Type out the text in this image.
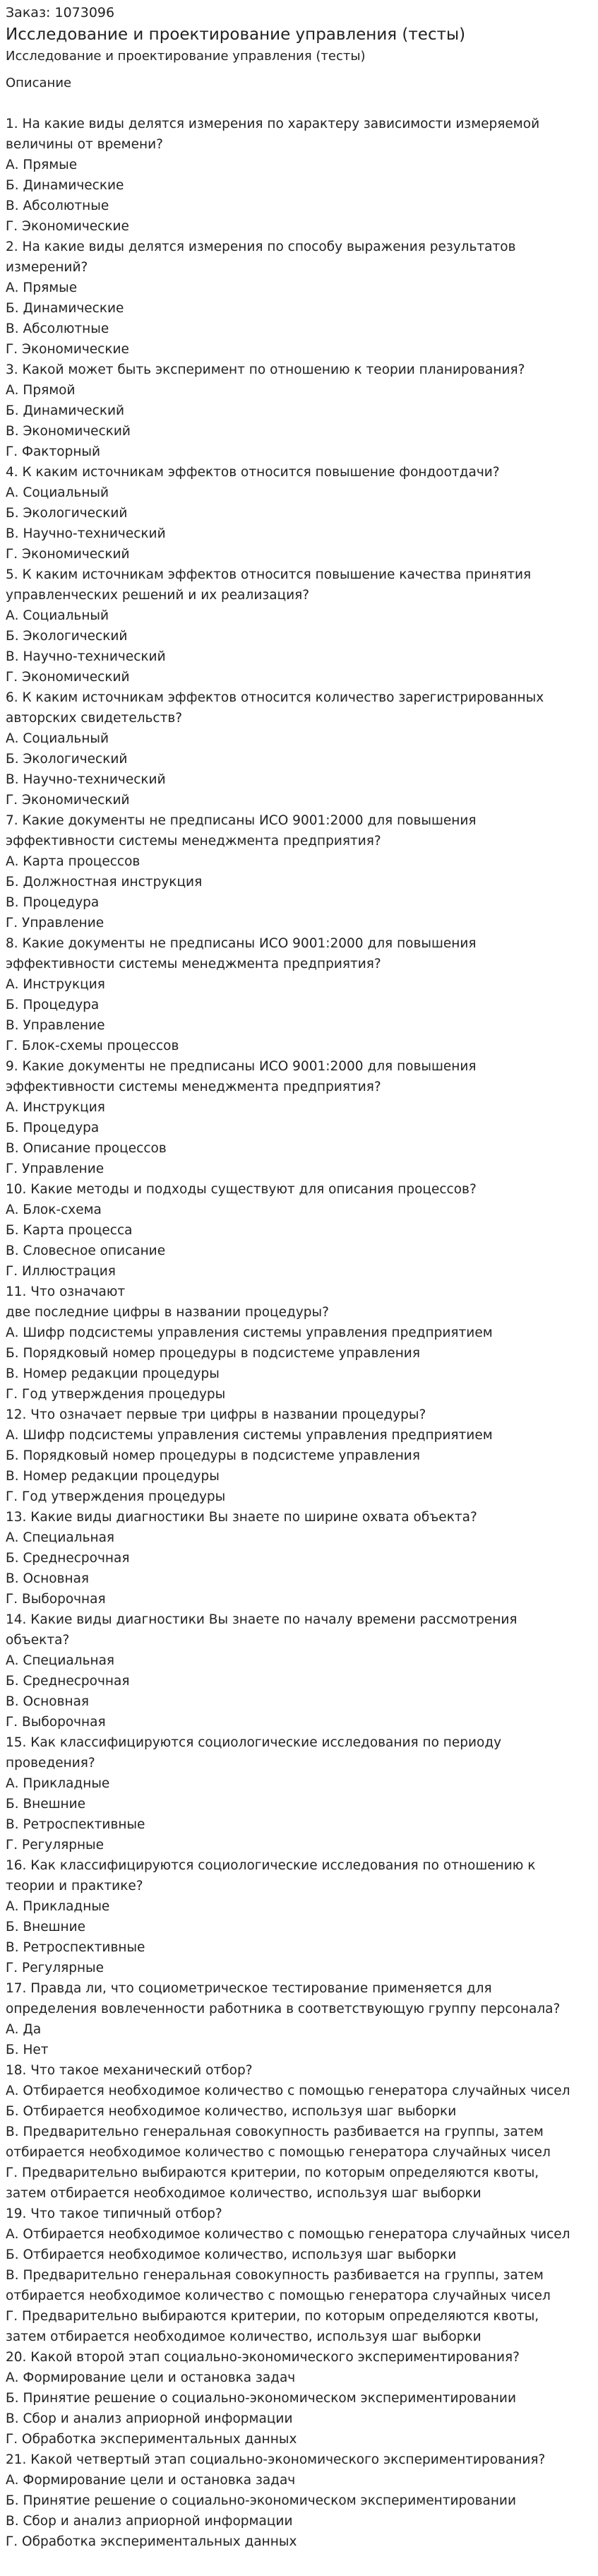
Заказ: 1073096
Исследование и проектирование управления (тесты)
Исследование и проектирование управления (тесты)
Описание
1. На какие виды делятся измерения по характеру зависимости измеряемой
величины от времени?
А. Прямые
Б. Динамические
В. Абсолютные
Г. Экономические
2. На какие виды делятся измерения по способу выражения результатов
измерений?
А. Прямые
Б. Динамические
В. Абсолютные
Г. Экономические
3. Какой может быть эксперимент по отношению к теории планирования?
А. Прямой
Б. Динамический
В. Экономический
Г. Факторный
4. К каким источникам эффектов относится повышение фондоотдачи?
А. Социальный
Б. Экологический
В. Научно-технический
Г. Экономический
5. К каким источникам эффектов относится повышение качества принятия
управленческих решений и их реализация?
А. Социальный
Б. Экологический
В. Научно-технический
Г. Экономический
6. К каким источникам эффектов относится количество зарегистрированных
авторских свидетельств?
А. Социальный
Б. Экологический
В. Научно-технический
Г. Экономический
7. Какие документы не предписаны ИСО 9001:2000 для повышения
эффективности системы менеджмента предприятия?
А. Карта процессов
Б. Должностная инструкция
В. Процедура
Г. Управление
8. Какие документы не предписаны ИСО 9001:2000 для повышения
эффективности системы менеджмента предприятия?
А. Инструкция
Б. Процедура
В. Управление
Г. Блок-схемы процессов
9. Какие документы не предписаны ИСО 9001:2000 для повышения
эффективности системы менеджмента предприятия?
А. Инструкция
Б. Процедура
В. Описание процессов
Г. Управление
10. Какие методы и подходы существуют для описания процессов?
А. Блок-схема
Б. Карта процесса
В. Словесное описание
Г. Иллюстрация
11. Что означают
две последние цифры в названии процедуры?
А. Шифр подсистемы управления системы управления предприятием
Б. Порядковый номер процедуры в подсистеме управления
В. Номер редакции процедуры
Г. Год утверждения процедуры
12. Что означает первые три цифры в названии процедуры?
А. Шифр подсистемы управления системы управления предприятием
Б. Порядковый номер процедуры в подсистеме управления
В. Номер редакции процедуры
Г. Год утверждения процедуры
13. Какие виды диагностики Вы знаете по ширине охвата объекта?
А. Специальная
Б. Среднесрочная
В. Основная
Г. Выборочная
14. Какие виды диагностики Вы знаете по началу времени рассмотрения
объекта?
А. Специальная
Б. Среднесрочная
В. Основная
Г. Выборочная
15. Как классифицируются социологические исследования по периоду
проведения?
А. Прикладные
Б. Внешние
В. Ретроспективные
Г. Регулярные
16. Как классифицируются социологические исследования по отношению к
теории и практике?
А. Прикладные
Б. Внешние
В. Ретроспективные
Г. Регулярные
17. Правда ли, что социометрическое тестирование применяется для
определения вовлеченности работника в соответствующую группу персонала?
А. Да
Б. Нет
18. Что такое механический отбор?
А. Отбирается необходимое количество с помощью генератора случайных чисел
Б. Отбирается необходимое количество, используя шаг выборки
В. Предварительно генеральная совокупность разбивается на группы, затем
отбирается необходимое количество с помощью генератора случайных чисел
Г. Предварительно выбираются критерии, по которым определяются квоты,
затем отбирается необходимое количество, используя шаг выборки
19. Что такое типичный отбор?
А. Отбирается необходимое количество с помощью генератора случайных чисел
Б. Отбирается необходимое количество, используя шаг выборки
В. Предварительно генеральная совокупность разбивается на группы, затем
отбирается необходимое количество с помощью генератора случайных чисел
Г. Предварительно выбираются критерии, по которым определяются квоты,
затем отбирается необходимое количество, используя шаг выборки
20. Какой второй этап социально-экономического экспериментирования?
А. Формирование цели и остановка задач
Б. Принятие решение о социально-экономическом экспериментировании
В. Сбор и анализ априорной информации
Г. Обработка экспериментальных данных
21. Какой четвертый этап социально-экономического экспериментирования?
А. Формирование цели и остановка задач
Б. Принятие решение о социально-экономическом экспериментировании
В. Сбор и анализ априорной информации
Г. Обработка экспериментальных данных
